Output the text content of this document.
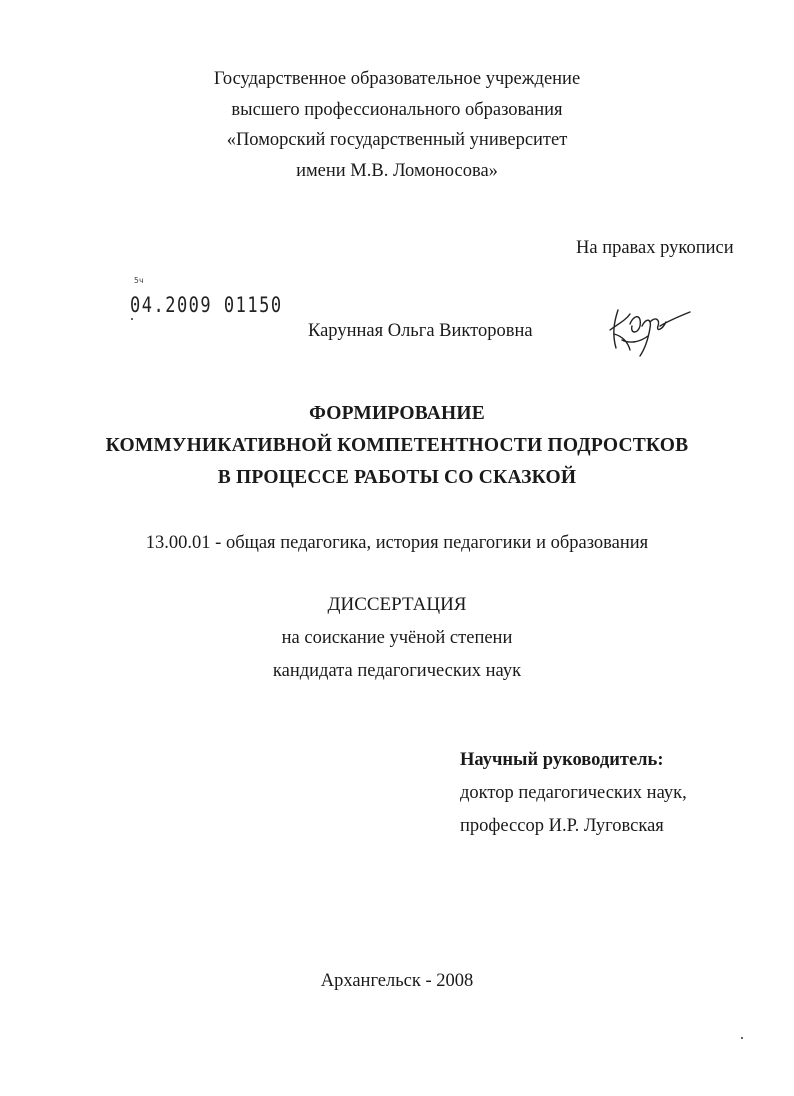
Государственное образовательное учреждение
высшего профессионального образования
«Поморский государственный университет
имени М.В. Ломоносова»
На правах рукописи
5ч
04.2009 01150
Карунная Ольга Викторовна
ФОРМИРОВАНИЕ
КОММУНИКАТИВНОЙ КОМПЕТЕНТНОСТИ ПОДРОСТКОВ
В ПРОЦЕССЕ РАБОТЫ СО СКАЗКОЙ
13.00.01 - общая педагогика, история педагогики и образования
ДИССЕРТАЦИЯ
на соискание учёной степени
кандидата педагогических наук
Научный руководитель:
доктор педагогических наук,
профессор И.Р. Луговская
Архангельск - 2008
